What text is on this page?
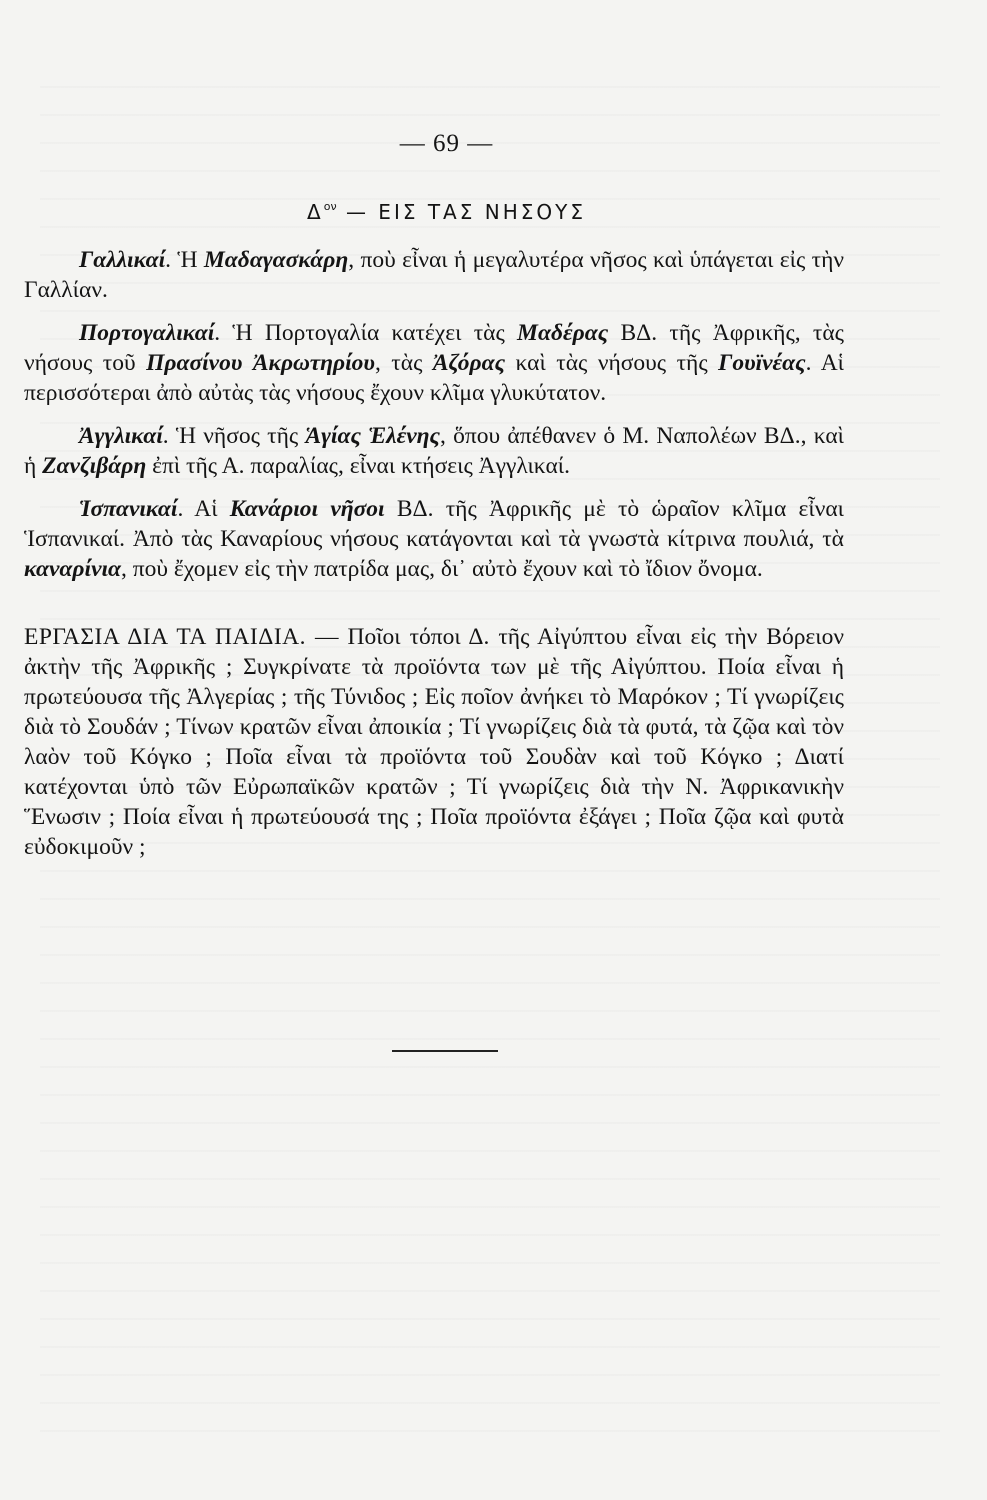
— 69 —
$\Delta^{o\nu}$ — ΕΙΣ ΤΑΣ ΝΗΣΟΥΣ

Γαλλικαί. Ἡ Μαδαγασκάρη, ποὺ εἶναι ἡ μεγαλυτέρα νῆσος καὶ ὑπάγεται εἰς τὴν Γαλλίαν.

Πορτογαλικαί. Ἡ Πορτογαλία κατέχει τὰς Μαδέρας ΒΔ. τῆς Ἀφρικῆς, τὰς νήσους τοῦ Πρασίνου Ἀκρωτηρίου, τὰς Ἀζόρας καὶ τὰς νήσους τῆς Γουϊνέας. Αἱ περισσότεραι ἀπὸ αὐτὰς τὰς νήσους ἔχουν κλῖμα γλυκύτατον.

Ἀγγλικαί. Ἡ νῆσος τῆς Ἁγίας Ἑλένης, ὅπου ἀπέθανεν ὁ Μ. Ναπολέων ΒΔ., καὶ ἡ Ζανζιβάρη ἐπὶ τῆς Α. παραλίας, εἶναι κτήσεις Ἀγγλικαί.

Ἱσπανικαί. Αἱ Κανάριοι νῆσοι ΒΔ. τῆς Ἀφρικῆς μὲ τὸ ὡραῖον κλῖμα εἶναι Ἱσπανικαί. Ἀπὸ τὰς Καναρίους νήσους κατάγονται καὶ τὰ γνωστὰ κίτρινα πουλιά, τὰ καναρίνια, ποὺ ἔχομεν εἰς τὴν πατρίδα μας, δι᾽ αὐτὸ ἔχουν καὶ τὸ ἴδιον ὄνομα.

ΕΡΓΑΣΙΑ ΔΙΑ ΤΑ ΠΑΙΔΙΑ. — Ποῖοι τόποι Δ. τῆς Αἰγύπτου εἶναι εἰς τὴν Βόρειον ἀκτὴν τῆς Ἀφρικῆς ; Συγκρίνατε τὰ προϊόντα των μὲ τῆς Αἰγύπτου. Ποία εἶναι ἡ πρωτεύουσα τῆς Ἀλγερίας ; τῆς Τύνιδος ; Εἰς ποῖον ἀνήκει τὸ Μαρόκον ; Τί γνωρίζεις διὰ τὸ Σουδάν ; Τίνων κρατῶν εἶναι ἀποικία ; Τί γνωρίζεις διὰ τὰ φυτά, τὰ ζῷα καὶ τὸν λαὸν τοῦ Κόγκο ; Ποῖα εἶναι τὰ προϊόντα τοῦ Σουδὰν καὶ τοῦ Κόγκο ; Διατί κατέχονται ὑπὸ τῶν Εὐρωπαϊκῶν κρατῶν ; Τί γνωρίζεις διὰ τὴν Ν. Ἀφρικανικὴν Ἕνωσιν ; Ποία εἶναι ἡ πρωτεύουσά της ; Ποῖα προϊόντα ἐξάγει ; Ποῖα ζῷα καὶ φυτὰ εὐδοκιμοῦν ;
